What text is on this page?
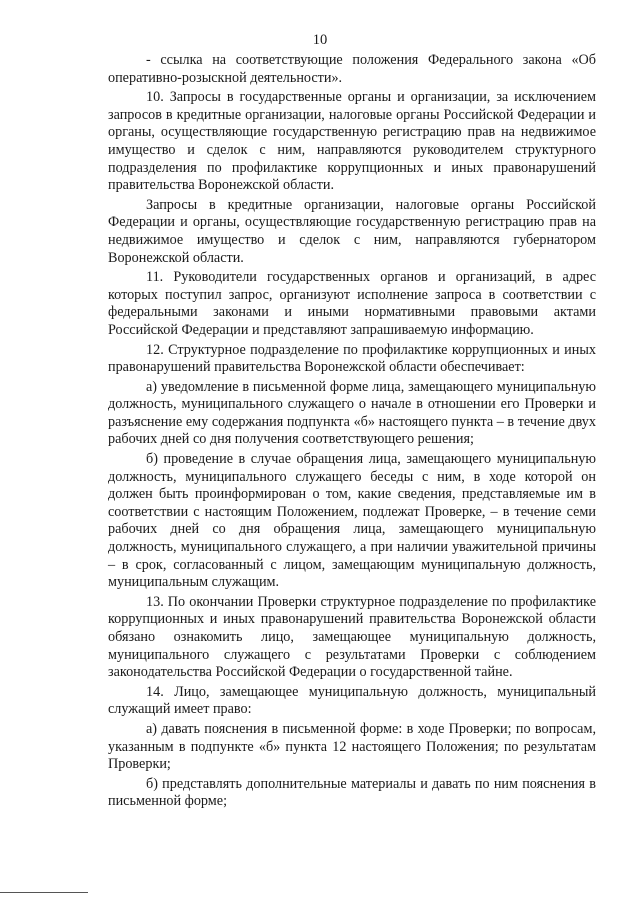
10

- ссылка на соответствующие положения Федерального закона «Об оперативно-розыскной деятельности».

10. Запросы в государственные органы и организации, за исключением запросов в кредитные организации, налоговые органы Российской Федерации и органы, осуществляющие государственную регистрацию прав на недвижимое имущество и сделок с ним, направляются руководителем структурного подразделения по профилактике коррупционных и иных правонарушений правительства Воронежской области.

Запросы в кредитные организации, налоговые органы Российской Федерации и органы, осуществляющие государственную регистрацию прав на недвижимое имущество и сделок с ним, направляются губернатором Воронежской области.

11. Руководители государственных органов и организаций, в адрес которых поступил запрос, организуют исполнение запроса в соответствии с федеральными законами и иными нормативными правовыми актами Российской Федерации и представляют запрашиваемую информацию.

12. Структурное подразделение по профилактике коррупционных и иных правонарушений правительства Воронежской области обеспечивает:

а) уведомление в письменной форме лица, замещающего муниципальную должность, муниципального служащего о начале в отношении его Проверки и разъяснение ему содержания подпункта «б» настоящего пункта – в течение двух рабочих дней со дня получения соответствующего решения;

б) проведение в случае обращения лица, замещающего муниципальную должность, муниципального служащего беседы с ним, в ходе которой он должен быть проинформирован о том, какие сведения, представляемые им в соответствии с настоящим Положением, подлежат Проверке, – в течение семи рабочих дней со дня обращения лица, замещающего муниципальную должность, муниципального служащего, а при наличии уважительной причины – в срок, согласованный с лицом, замещающим муниципальную должность, муниципальным служащим.

13. По окончании Проверки структурное подразделение по профилактике коррупционных и иных правонарушений правительства Воронежской области обязано ознакомить лицо, замещающее муниципальную должность, муниципального служащего с результатами Проверки с соблюдением законодательства Российской Федерации о государственной тайне.

14. Лицо, замещающее муниципальную должность, муниципальный служащий имеет право:

а) давать пояснения в письменной форме: в ходе Проверки; по вопросам, указанным в подпункте «б» пункта 12 настоящего Положения; по результатам Проверки;

б) представлять дополнительные материалы и давать по ним пояснения в письменной форме;
